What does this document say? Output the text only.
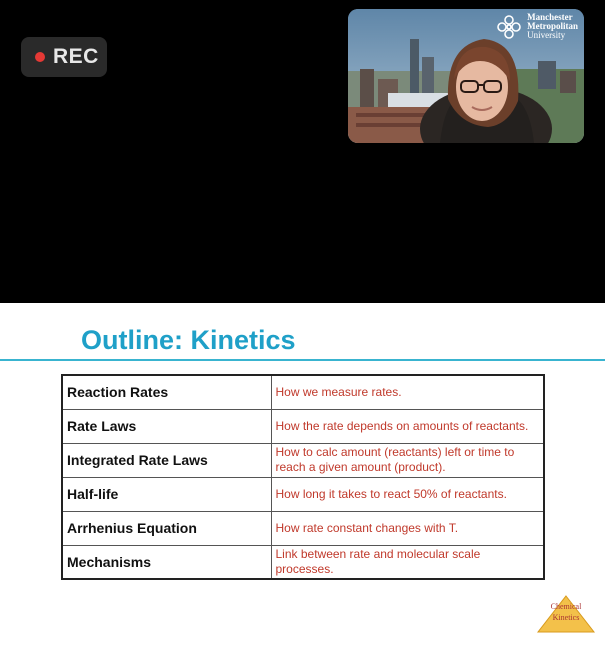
REC
Manchester
Metropolitan
University
Outline: Kinetics
Reaction Rates	How we measure rates.
Rate Laws	How the rate depends on amounts of reactants.
Integrated Rate Laws	How to calc amount (reactants) left or time to reach a given amount (product).
Half-life	How long it takes to react 50% of reactants.
Arrhenius Equation	How rate constant changes with T.
Mechanisms	Link between rate and molecular scale processes.
Chemical
Kinetics
